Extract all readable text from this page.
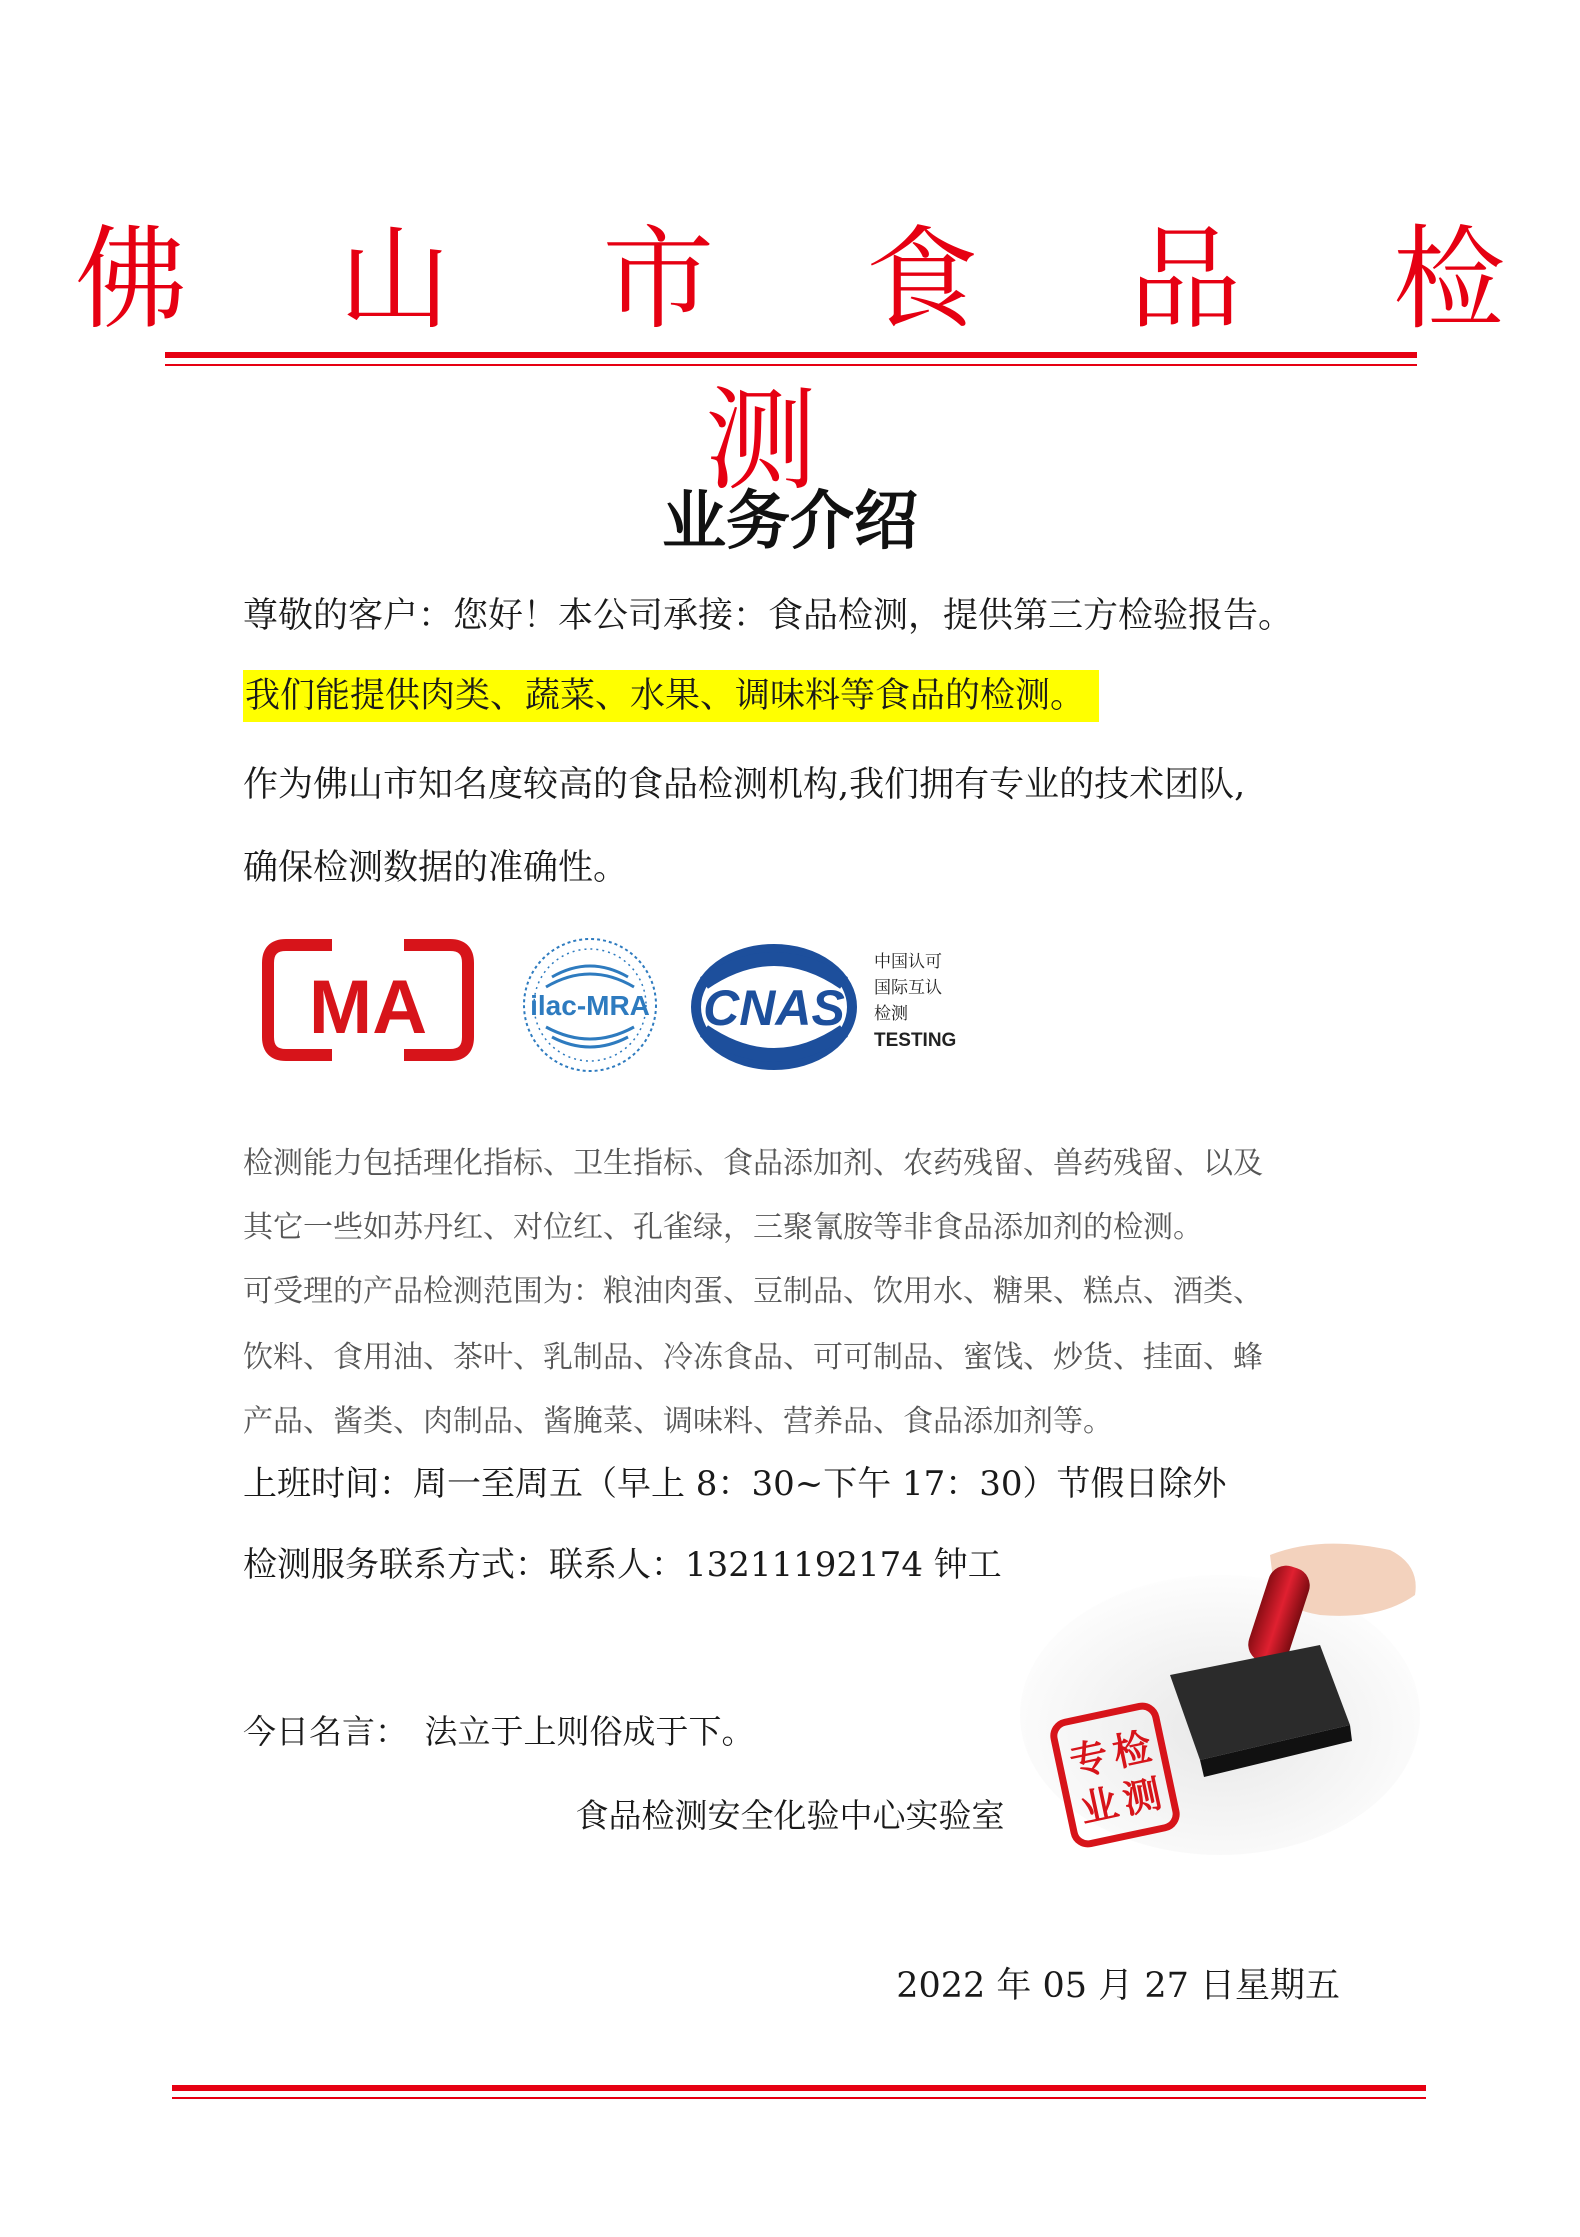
佛 山 市 食 品 检 测
业务介绍
尊敬的客户：您好！本公司承接：食品检测，提供第三方检验报告。
我们能提供肉类、蔬菜、水果、调味料等食品的检测。
作为佛山市知名度较高的食品检测机构,我们拥有专业的技术团队,
确保检测数据的准确性。
MA	ilac-MRA CNAS
中国认可
国际互认
检测
TESTING
检测能力包括理化指标、卫生指标、食品添加剂、农药残留、兽药残留、以及
其它一些如苏丹红、对位红、孔雀绿，三聚氰胺等非食品添加剂的检测。
可受理的产品检测范围为：粮油肉蛋、豆制品、饮用水、糖果、糕点、酒类、
饮料、食用油、茶叶、乳制品、冷冻食品、可可制品、蜜饯、炒货、挂面、蜂
产品、酱类、肉制品、酱腌菜、调味料、营养品、食品添加剂等。
上班时间：周一至周五（早上 8：30~下午 17：30）节假日除外
检测服务联系方式：联系人：13211192174 钟工
今日名言：　法立于上则俗成于下。
专
检
业
测
食品检测安全化验中心实验室
2022 年 05 月 27 日星期五
